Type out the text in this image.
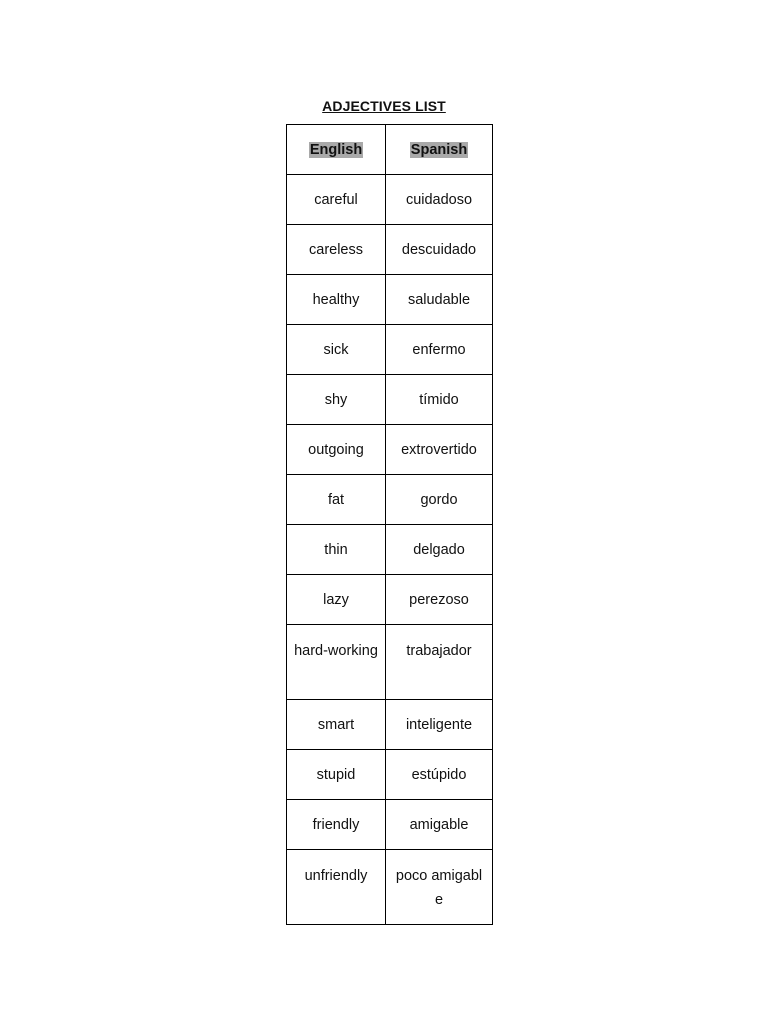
ADJECTIVES LIST
English	Spanish
careful	cuidadoso
careless	descuidado
healthy	saludable
sick	enfermo
shy	tímido
outgoing	extrovertido
fat	gordo
thin	delgado
lazy	perezoso
hard-working	trabajador
smart	inteligente
stupid	estúpido
friendly	amigable
unfriendly	poco amigable
